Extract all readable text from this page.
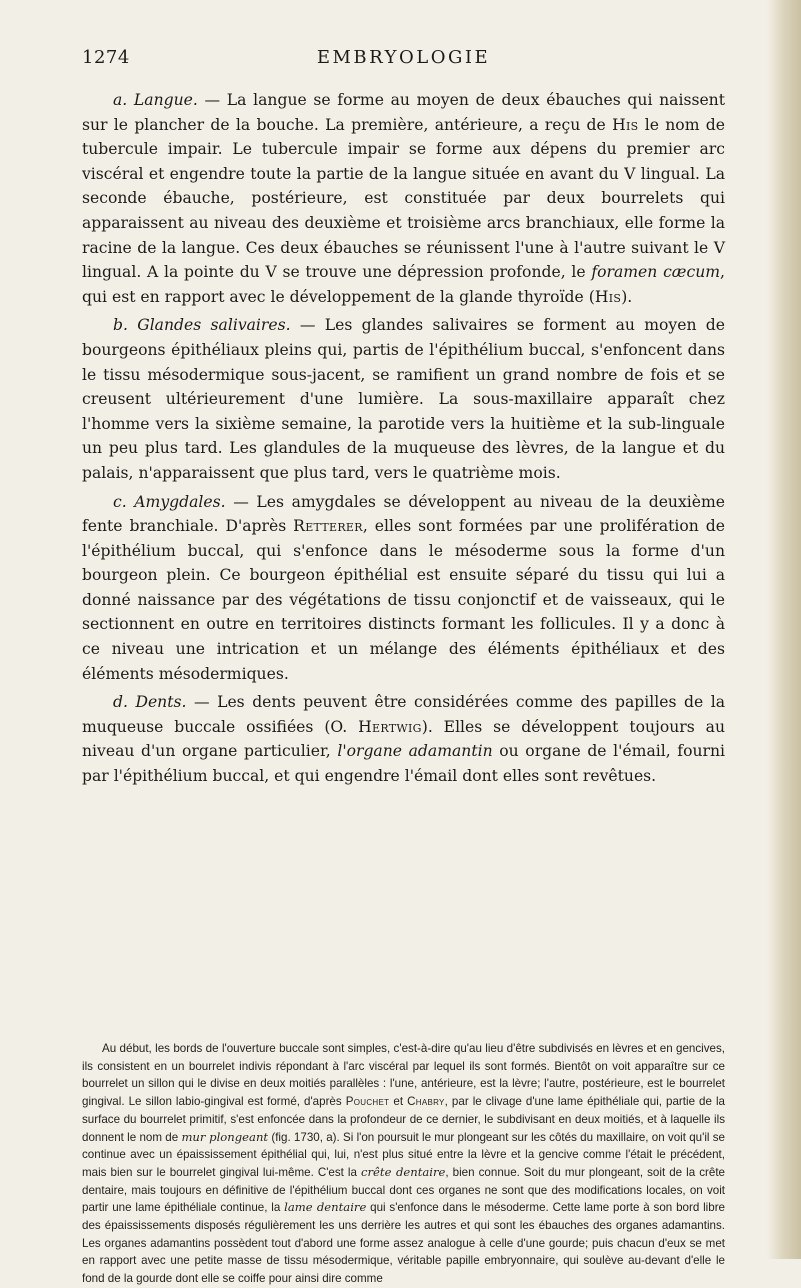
1274	EMBRYOLOGIE

a. Langue. — La langue se forme au moyen de deux ébauches qui naissent sur le plancher de la bouche. La première, antérieure, a reçu de His le nom de tubercule impair. Le tubercule impair se forme aux dépens du premier arc viscéral et engendre toute la partie de la langue située en avant du V lingual. La seconde ébauche, postérieure, est constituée par deux bourrelets qui apparaissent au niveau des deuxième et troisième arcs branchiaux, elle forme la racine de la langue. Ces deux ébauches se réunissent l'une à l'autre suivant le V lingual. A la pointe du V se trouve une dépression profonde, le foramen cæcum, qui est en rapport avec le développement de la glande thyroïde (His).

b. Glandes salivaires. — Les glandes salivaires se forment au moyen de bourgeons épithéliaux pleins qui, partis de l'épithélium buccal, s'enfoncent dans le tissu mésodermique sous-jacent, se ramifient un grand nombre de fois et se creusent ultérieurement d'une lumière. La sous-maxillaire apparaît chez l'homme vers la sixième semaine, la parotide vers la huitième et la sub-linguale un peu plus tard. Les glandules de la muqueuse des lèvres, de la langue et du palais, n'apparaissent que plus tard, vers le quatrième mois.

c. Amygdales. — Les amygdales se développent au niveau de la deuxième fente branchiale. D'après Retterer, elles sont formées par une prolifération de l'épithélium buccal, qui s'enfonce dans le mésoderme sous la forme d'un bourgeon plein. Ce bourgeon épithélial est ensuite séparé du tissu qui lui a donné naissance par des végétations de tissu conjonctif et de vaisseaux, qui le sectionnent en outre en territoires distincts formant les follicules. Il y a donc à ce niveau une intrication et un mélange des éléments épithéliaux et des éléments mésodermiques.

d. Dents. — Les dents peuvent être considérées comme des papilles de la muqueuse buccale ossifiées (O. Hertwig). Elles se développent toujours au niveau d'un organe particulier, l'organe adamantin ou organe de l'émail, fourni par l'épithélium buccal, et qui engendre l'émail dont elles sont revêtues.

Au début, les bords de l'ouverture buccale sont simples, c'est-à-dire qu'au lieu d'être subdivisés en lèvres et en gencives, ils consistent en un bourrelet indivis répondant à l'arc viscéral par lequel ils sont formés. Bientôt on voit apparaître sur ce bourrelet un sillon qui le divise en deux moitiés parallèles : l'une, antérieure, est la lèvre; l'autre, postérieure, est le bourrelet gingival. Le sillon labio-gingival est formé, d'après Pouchet et Chabry, par le clivage d'une lame épithéliale qui, partie de la surface du bourrelet primitif, s'est enfoncée dans la profondeur de ce dernier, le subdivisant en deux moitiés, et à laquelle ils donnent le nom de mur plongeant (fig. 1730, a). Si l'on poursuit le mur plongeant sur les côtés du maxillaire, on voit qu'il se continue avec un épaississement épithélial qui, lui, n'est plus situé entre la lèvre et la gencive comme l'était le précédent, mais bien sur le bourrelet gingival lui-même. C'est la crête dentaire, bien connue. Soit du mur plongeant, soit de la crête dentaire, mais toujours en définitive de l'épithélium buccal dont ces organes ne sont que des modifications locales, on voit partir une lame épithéliale continue, la lame dentaire qui s'enfonce dans le mésoderme. Cette lame porte à son bord libre des épaississements disposés régulièrement les uns derrière les autres et qui sont les ébauches des organes adamantins. Les organes adamantins possèdent tout d'abord une forme assez analogue à celle d'une gourde; puis chacun d'eux se met en rapport avec une petite masse de tissu mésodermique, véritable papille embryonnaire, qui soulève au-devant d'elle le fond de la gourde dont elle se coiffe pour ainsi dire comme
